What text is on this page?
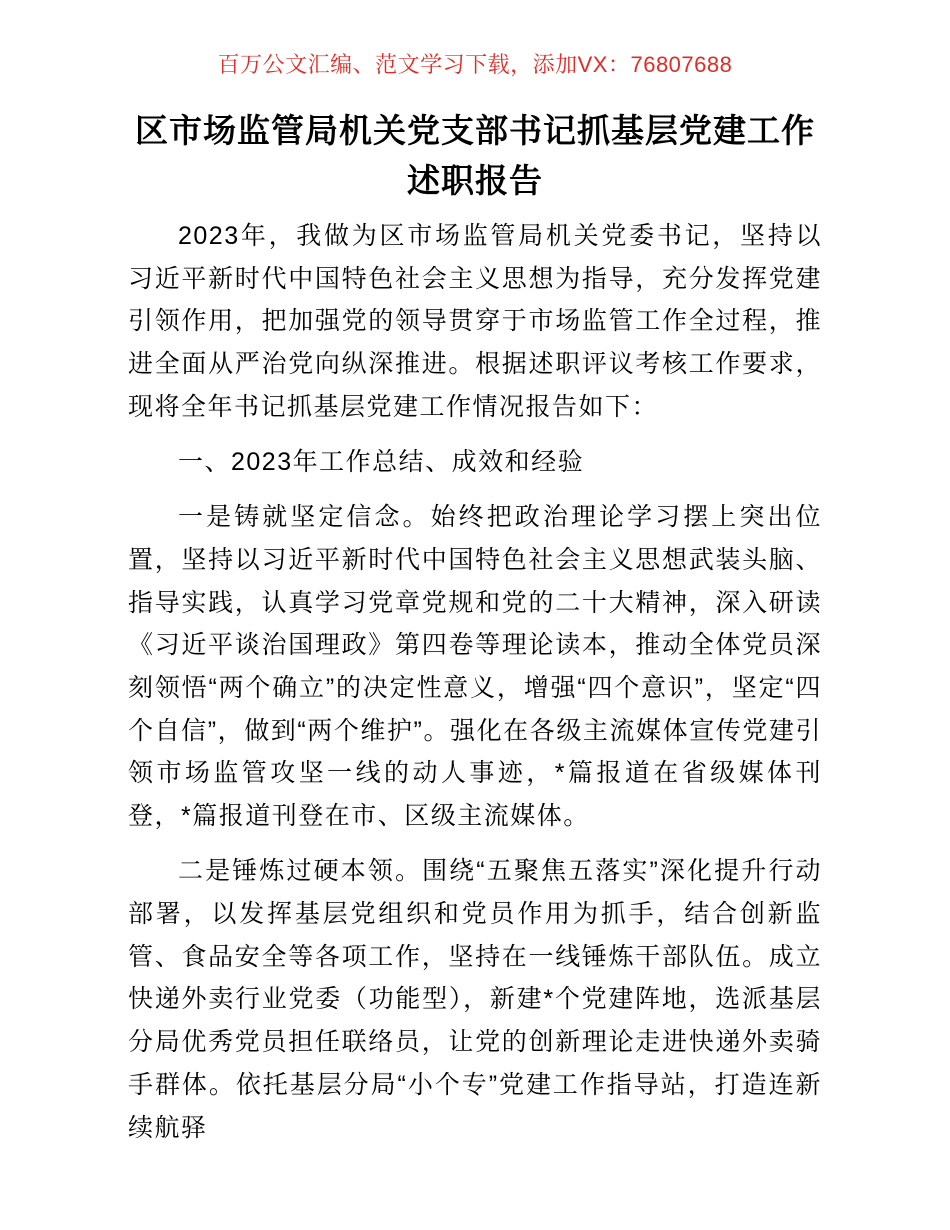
百万公文汇编、范文学习下载，添加VX：76807688
区市场监管局机关党支部书记抓基层党建工作述职报告

2023年，我做为区市场监管局机关党委书记，坚持以习近平新时代中国特色社会主义思想为指导，充分发挥党建引领作用，把加强党的领导贯穿于市场监管工作全过程，推进全面从严治党向纵深推进。根据述职评议考核工作要求，现将全年书记抓基层党建工作情况报告如下：

一、2023年工作总结、成效和经验

一是铸就坚定信念。始终把政治理论学习摆上突出位置，坚持以习近平新时代中国特色社会主义思想武装头脑、指导实践，认真学习党章党规和党的二十大精神，深入研读《习近平谈治国理政》第四卷等理论读本，推动全体党员深刻领悟“两个确立”的决定性意义，增强“四个意识”，坚定“四个自信”，做到“两个维护”。强化在各级主流媒体宣传党建引领市场监管攻坚一线的动人事迹，*篇报道在省级媒体刊登，*篇报道刊登在市、区级主流媒体。

二是锤炼过硬本领。围绕“五聚焦五落实”深化提升行动部署，以发挥基层党组织和党员作用为抓手，结合创新监管、食品安全等各项工作，坚持在一线锤炼干部队伍。成立快递外卖行业党委（功能型），新建*个党建阵地，选派基层分局优秀党员担任联络员，让党的创新理论走进快递外卖骑手群体。依托基层分局“小个专”党建工作指导站，打造连新续航驿
